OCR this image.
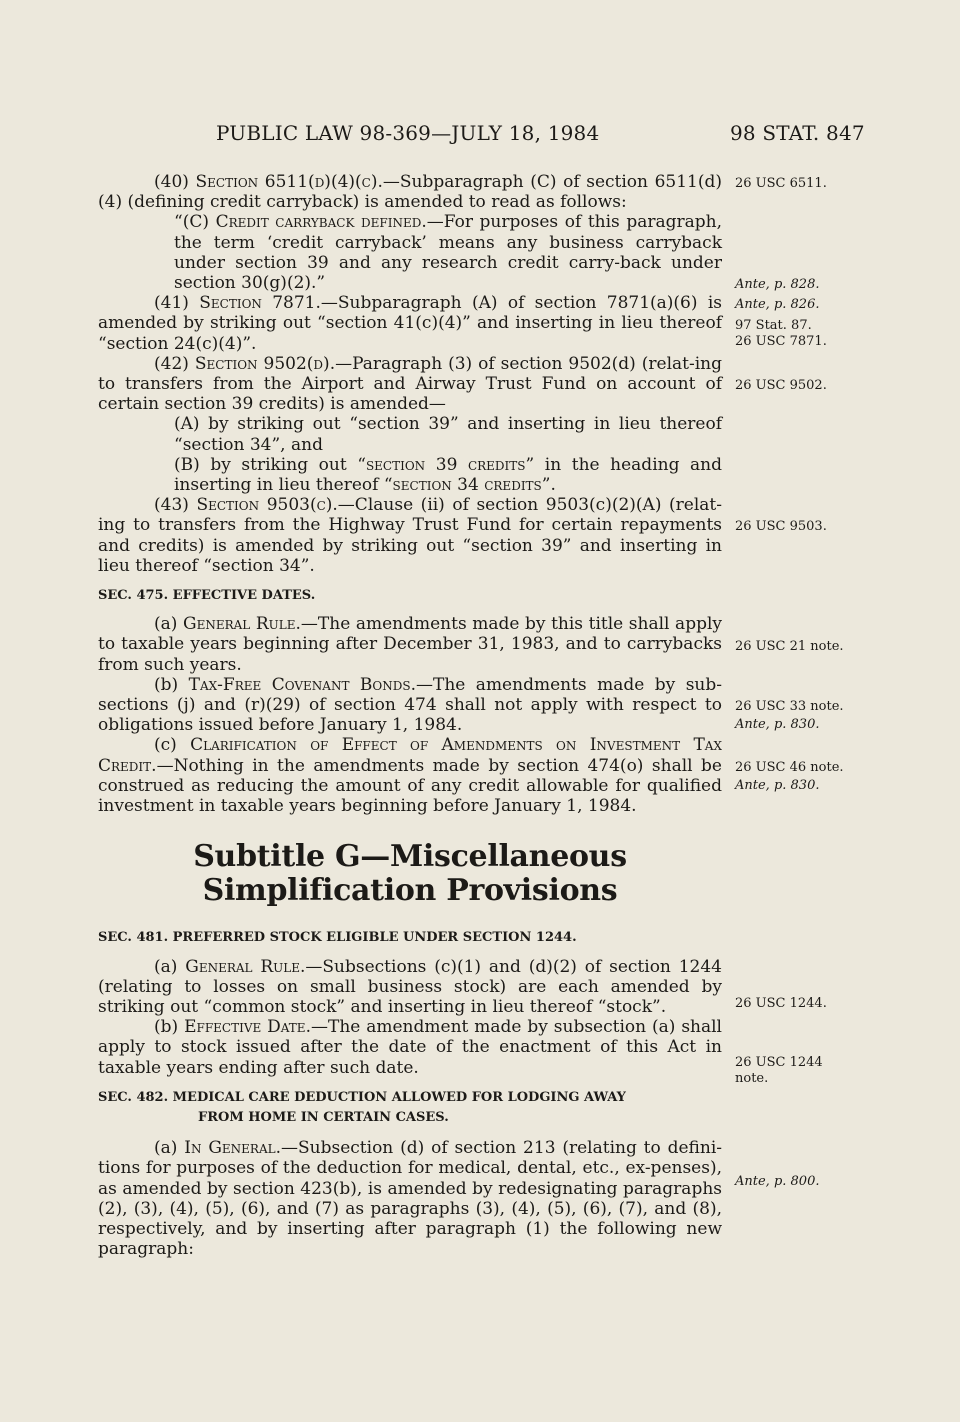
PUBLIC LAW 98-369—JULY 18, 1984	98 STAT. 847

(40) Section 6511(d)(4)(c).—Subparagraph (C) of section 6511(d)(4) (defining credit carryback) is amended to read as follows:

“(C) Credit carryback defined.—For purposes of this paragraph, the term ‘credit carryback’ means any business carryback under section 39 and any research credit carry-back under section 30(g)(2).”

(41) Section 7871.—Subparagraph (A) of section 7871(a)(6) is amended by striking out “section 41(c)(4)” and inserting in lieu thereof “section 24(c)(4)”.

(42) Section 9502(d).—Paragraph (3) of section 9502(d) (relat-ing to transfers from the Airport and Airway Trust Fund on account of certain section 39 credits) is amended—

(A) by striking out “section 39” and inserting in lieu thereof “section 34”, and

(B) by striking out “section 39 credits” in the heading and inserting in lieu thereof “section 34 credits”.

(43) Section 9503(c).—Clause (ii) of section 9503(c)(2)(A) (relat-ing to transfers from the Highway Trust Fund for certain repayments and credits) is amended by striking out “section 39” and inserting in lieu thereof “section 34”.

SEC. 475. EFFECTIVE DATES.

(a) General Rule.—The amendments made by this title shall apply to taxable years beginning after December 31, 1983, and to carrybacks from such years.

(b) Tax-Free Covenant Bonds.—The amendments made by sub-sections (j) and (r)(29) of section 474 shall not apply with respect to obligations issued before January 1, 1984.

(c) Clarification of Effect of Amendments on Investment Tax Credit.—Nothing in the amendments made by section 474(o) shall be construed as reducing the amount of any credit allowable for qualified investment in taxable years beginning before January 1, 1984.

Subtitle G—Miscellaneous Simplification Provisions

SEC. 481. PREFERRED STOCK ELIGIBLE UNDER SECTION 1244.

(a) General Rule.—Subsections (c)(1) and (d)(2) of section 1244 (relating to losses on small business stock) are each amended by striking out “common stock” and inserting in lieu thereof “stock”.

(b) Effective Date.—The amendment made by subsection (a) shall apply to stock issued after the date of the enactment of this Act in taxable years ending after such date.

SEC. 482. MEDICAL CARE DEDUCTION ALLOWED FOR LODGING AWAY

FROM HOME IN CERTAIN CASES.

(a) In General.—Subsection (d) of section 213 (relating to defini-tions for purposes of the deduction for medical, dental, etc., ex-penses), as amended by section 423(b), is amended by redesignating paragraphs (2), (3), (4), (5), (6), and (7) as paragraphs (3), (4), (5), (6), (7), and (8), respectively, and by inserting after paragraph (1) the following new paragraph:

26 USC 6511.
Ante, p. 828.
Ante, p. 826.
97 Stat. 87.
26 USC 7871.
26 USC 9502.
26 USC 9503.
26 USC 21 note.
26 USC 33 note.
Ante, p. 830.
26 USC 46 note.
Ante, p. 830.
26 USC 1244.
26 USC 1244
note.
Ante, p. 800.
